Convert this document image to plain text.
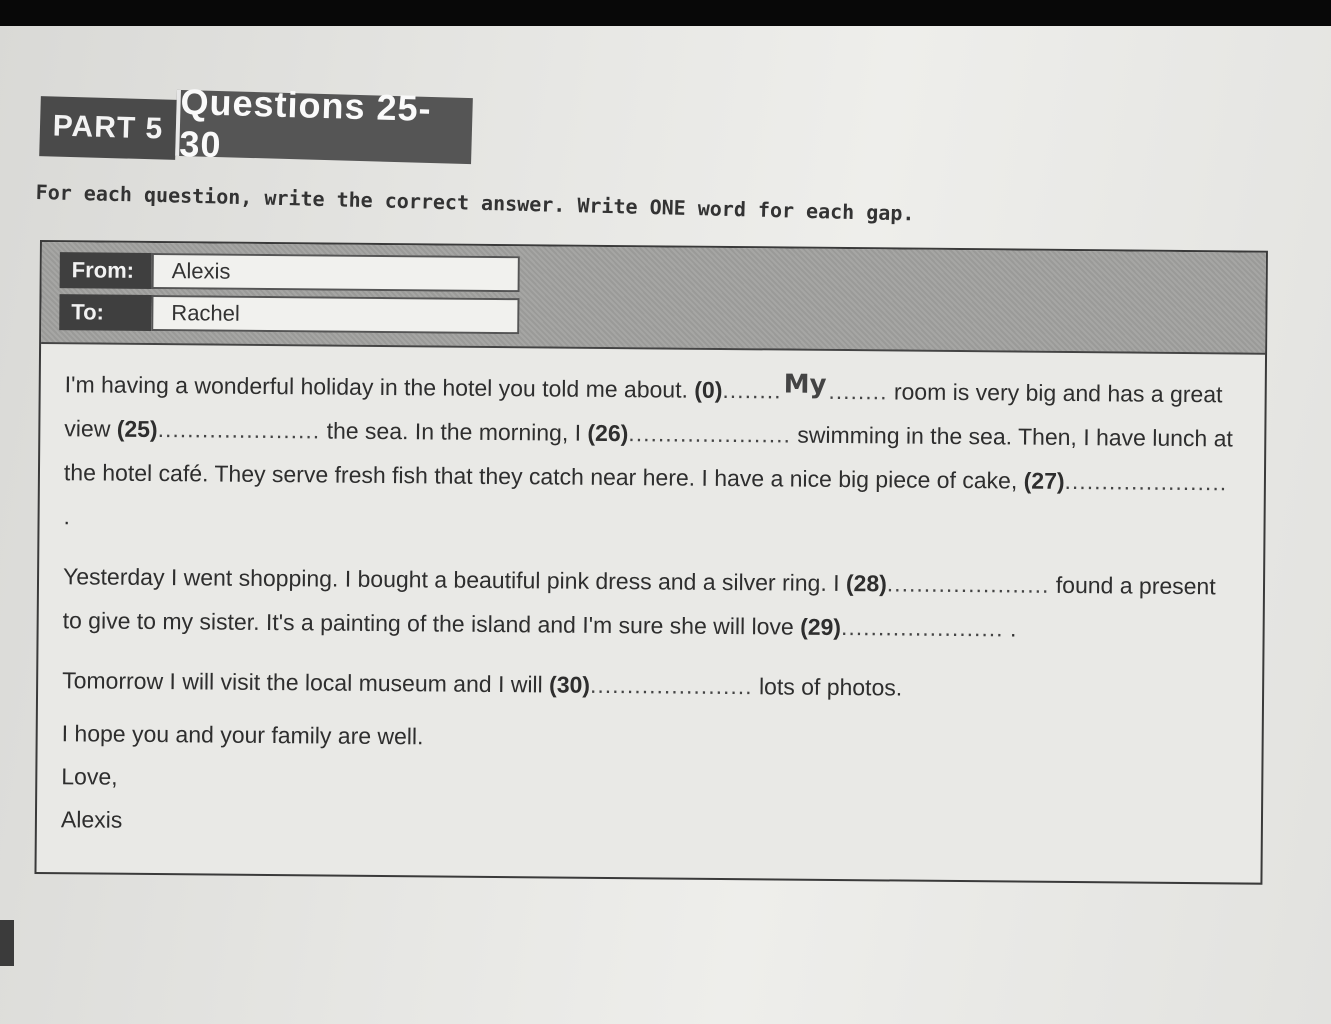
PART 5 Questions 25-30
For each question, write the correct answer. Write ONE word for each gap.
From:	Alexis
To:	Rachel

I'm having a wonderful holiday in the hotel you told me about. (0)........My........ room is very big and has a great view (25)...................... the sea. In the morning, I (26)...................... swimming in the sea. Then, I have lunch at the hotel café. They serve fresh fish that they catch near here. I have a nice big piece of cake, (27)...................... .

Yesterday I went shopping. I bought a beautiful pink dress and a silver ring. I (28)...................... found a present to give to my sister. It's a painting of the island and I'm sure she will love (29)...................... .

Tomorrow I will visit the local museum and I will (30)...................... lots of photos.

I hope you and your family are well.
Love,
Alexis
